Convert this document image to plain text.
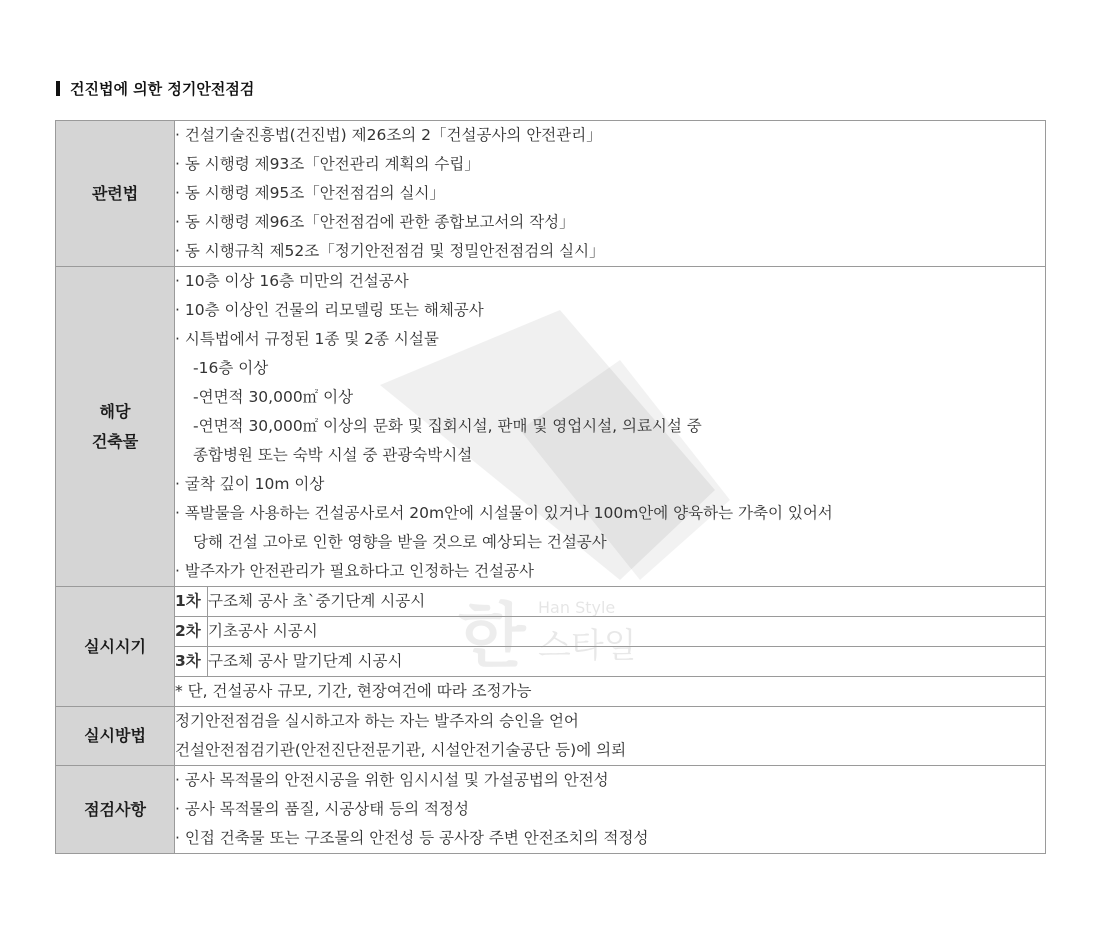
건진법에 의한 정기안전점검
한 Han Style
스타일
관련법	
· 건설기술진흥법(건진법) 제26조의 2「건설공사의 안전관리」
· 동 시행령 제93조「안전관리 계획의 수립」
· 동 시행령 제95조「안전점검의 실시」
· 동 시행령 제96조「안전점검에 관한 종합보고서의 작성」
· 동 시행규칙 제52조「정기안전점검 및 정밀안전점검의 실시」

해당
건축물

· 10층 이상 16층 미만의 건설공사
· 10층 이상인 건물의 리모델링 또는 해체공사
· 시특법에서 규정된 1종 및 2종 시설물
-16층 이상
-연면적 30,000㎡ 이상
-연면적 30,000㎡ 이상의 문화 및 집회시설, 판매 및 영업시설, 의료시설 중
종합병원 또는 숙박 시설 중 관광숙박시설
· 굴착 깊이 10m 이상
· 폭발물을 사용하는 건설공사로서 20m안에 시설물이 있거나 100m안에 양육하는 가축이 있어서
당해 건설 고아로 인한 영향을 받을 것으로 예상되는 건설공사
· 발주자가 안전관리가 필요하다고 인정하는 건설공사

실시시기	
1차	구조체 공사 초`중기단계 시공시
2차	기초공사 시공시
3차	구조체 공사 말기단계 시공시
* 단, 건설공사 규모, 기간, 현장여건에 따라 조정가능

실시방법	
정기안전점검을 실시하고자 하는 자는 발주자의 승인을 얻어
건설안전점검기관(안전진단전문기관, 시설안전기술공단 등)에 의뢰

점검사항	
· 공사 목적물의 안전시공을 위한 임시시설 및 가설공법의 안전성
· 공사 목적물의 품질, 시공상태 등의 적정성
· 인접 건축물 또는 구조물의 안전성 등 공사장 주변 안전조치의 적정성
